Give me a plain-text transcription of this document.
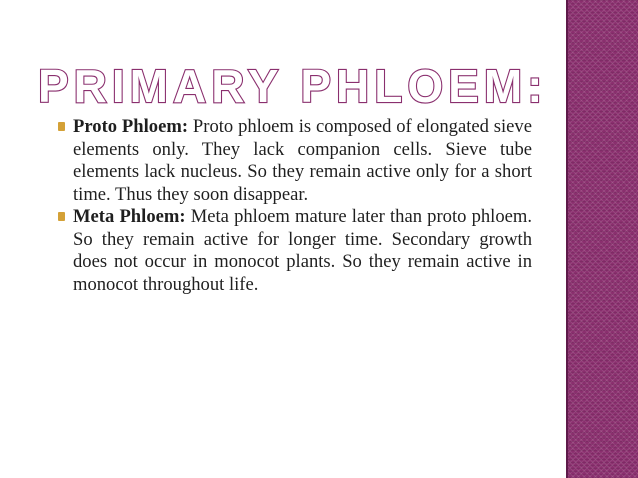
PRIMARY PHLOEM:
Proto Phloem: Proto phloem is composed of elongated sieve elements only. They lack companion cells. Sieve tube elements lack nucleus. So they remain active only for a short time. Thus they soon disappear.
Meta Phloem: Meta phloem mature later than proto phloem. So they remain active for longer time. Secondary growth does not occur in monocot plants. So they remain active in monocot throughout life.
